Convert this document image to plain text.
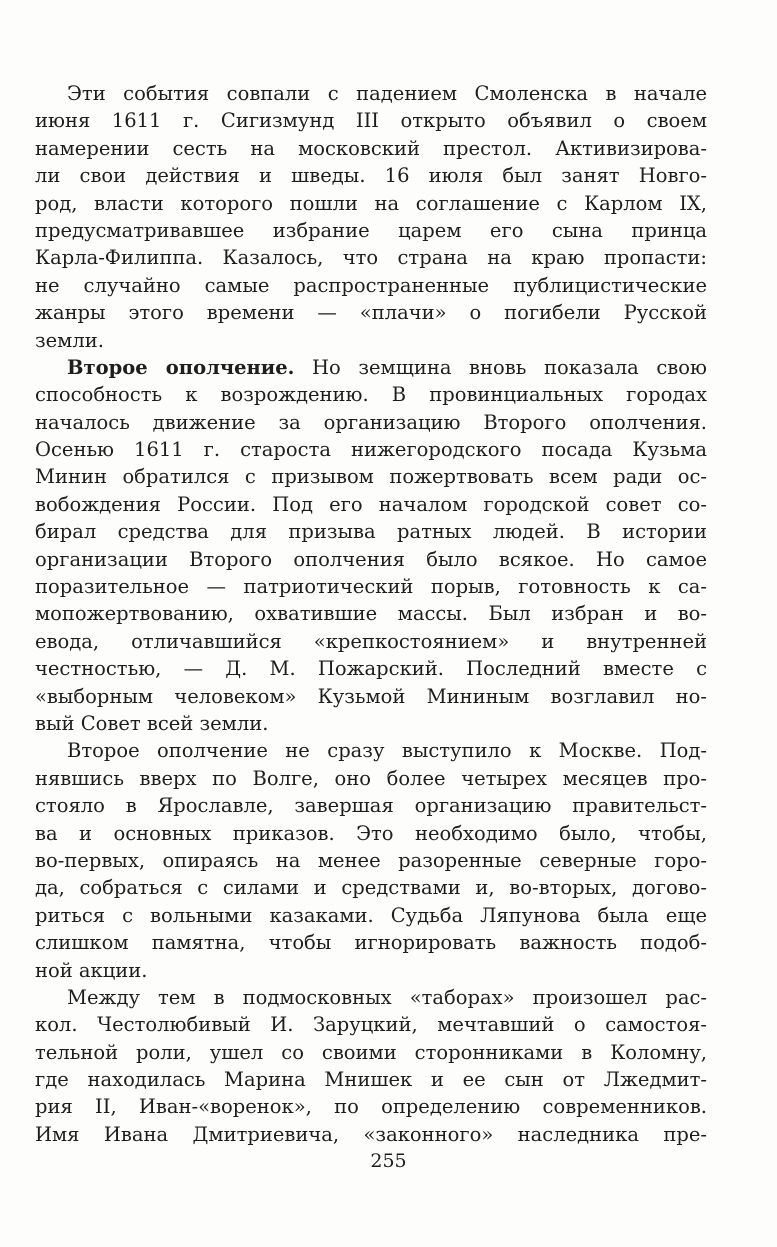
Эти события совпали с падением Смоленска в начале
июня 1611 г. Сигизмунд III открыто объявил о своем
намерении сесть на московский престол. Активизирова-
ли свои действия и шведы. 16 июля был занят Новго-
род, власти которого пошли на соглашение с Карлом IX,
предусматривавшее избрание царем его сына принца
Карла-Филиппа. Казалось, что страна на краю пропасти:
не случайно самые распространенные публицистические
жанры этого времени — «плачи» о погибели Русской
земли.
Второе ополчение. Но земщина вновь показала свою
способность к возрождению. В провинциальных городах
началось движение за организацию Второго ополчения.
Осенью 1611 г. староста нижегородского посада Кузьма
Минин обратился с призывом пожертвовать всем ради ос-
вобождения России. Под его началом городской совет со-
бирал средства для призыва ратных людей. В истории
организации Второго ополчения было всякое. Но самое
поразительное — патриотический порыв, готовность к са-
мопожертвованию, охватившие массы. Был избран и во-
евода, отличавшийся «крепкостоянием» и внутренней
честностью, — Д. М. Пожарский. Последний вместе с
«выборным человеком» Кузьмой Мининым возглавил но-
вый Совет всей земли.
Второе ополчение не сразу выступило к Москве. Под-
нявшись вверх по Волге, оно более четырех месяцев про-
стояло в Ярославле, завершая организацию правительст-
ва и основных приказов. Это необходимо было, чтобы,
во-первых, опираясь на менее разоренные северные горо-
да, собраться с силами и средствами и, во-вторых, догово-
риться с вольными казаками. Судьба Ляпунова была еще
слишком памятна, чтобы игнорировать важность подоб-
ной акции.
Между тем в подмосковных «таборах» произошел рас-
кол. Честолюбивый И. Заруцкий, мечтавший о самостоя-
тельной роли, ушел со своими сторонниками в Коломну,
где находилась Марина Мнишек и ее сын от Лжедмит-
рия II, Иван-«воренок», по определению современников.
Имя Ивана Дмитриевича, «законного» наследника пре-
255
